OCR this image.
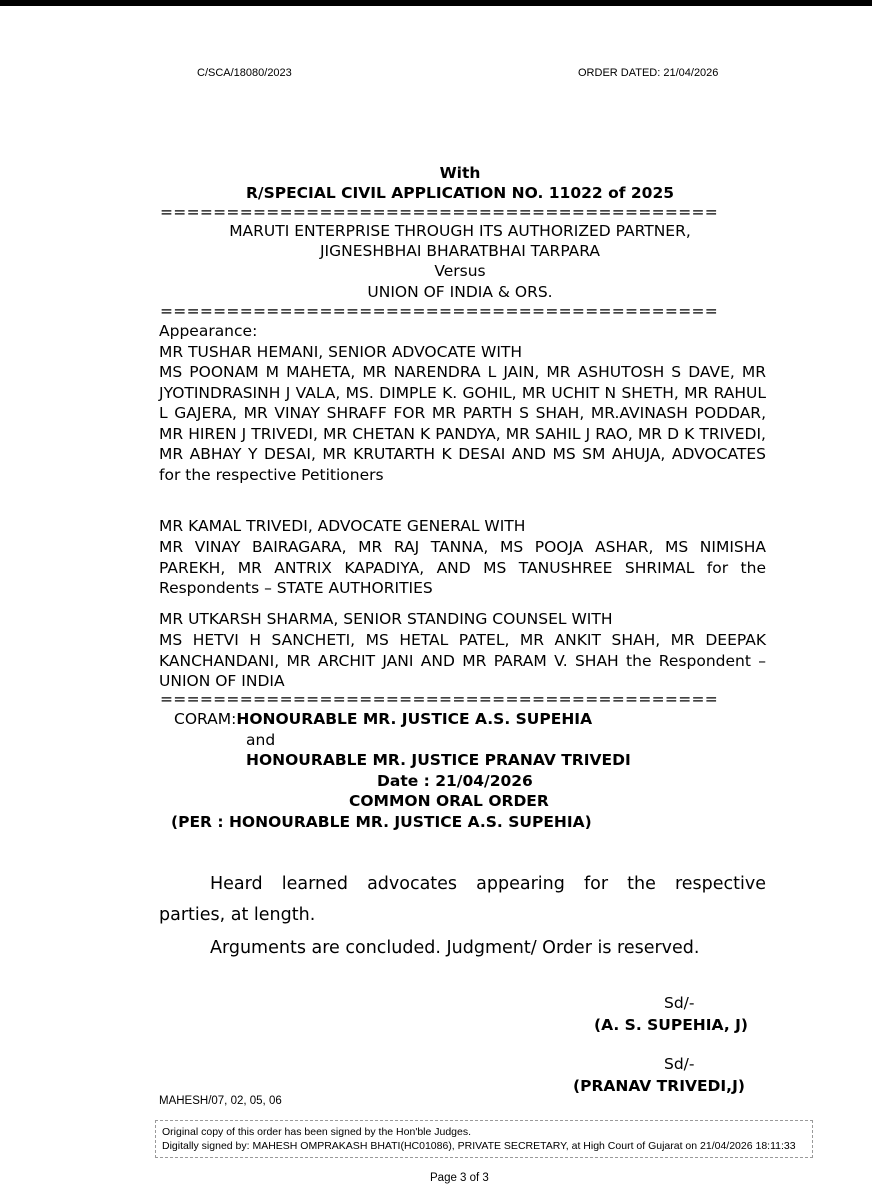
C/SCA/18080/2023	ORDER DATED: 21/04/2026
With
R/SPECIAL CIVIL APPLICATION NO. 11022 of 2025
==========================================
MARUTI ENTERPRISE THROUGH ITS AUTHORIZED PARTNER,
JIGNESHBHAI BHARATBHAI TARPARA
Versus
UNION OF INDIA & ORS.
==========================================
Appearance:
MR TUSHAR HEMANI, SENIOR ADVOCATE WITH
MS POONAM M MAHETA, MR NARENDRA L JAIN, MR ASHUTOSH S DAVE, MR JYOTINDRASINH J VALA, MS. DIMPLE K. GOHIL, MR UCHIT N SHETH, MR RAHUL L GAJERA, MR VINAY SHRAFF FOR MR PARTH S SHAH, MR.AVINASH PODDAR, MR HIREN J TRIVEDI, MR CHETAN K PANDYA, MR SAHIL J RAO, MR D K TRIVEDI, MR ABHAY Y DESAI, MR KRUTARTH K DESAI AND MS SM AHUJA, ADVOCATES for the respective Petitioners
MR KAMAL TRIVEDI, ADVOCATE GENERAL WITH
MR VINAY BAIRAGARA, MR RAJ TANNA, MS POOJA ASHAR, MS NIMISHA PAREKH, MR ANTRIX KAPADIYA, AND MS TANUSHREE SHRIMAL for the Respondents – STATE AUTHORITIES
MR UTKARSH SHARMA, SENIOR STANDING COUNSEL WITH
MS HETVI H SANCHETI, MS HETAL PATEL, MR ANKIT SHAH, MR DEEPAK KANCHANDANI, MR ARCHIT JANI AND MR PARAM V. SHAH the Respondent – UNION OF INDIA
==========================================
CORAM:HONOURABLE MR. JUSTICE A.S. SUPEHIA
and
HONOURABLE MR. JUSTICE PRANAV TRIVEDI
Date : 21/04/2026
COMMON ORAL ORDER
(PER : HONOURABLE MR. JUSTICE A.S. SUPEHIA)
Heard learned advocates appearing for the respective
parties, at length.
Arguments are concluded. Judgment/ Order is reserved.
Sd/-
(A. S. SUPEHIA, J)
Sd/-
(PRANAV TRIVEDI,J)
MAHESH/07, 02, 05, 06
Original copy of this order has been signed by the Hon'ble Judges.
Digitally signed by: MAHESH OMPRAKASH BHATI(HC01086), PRIVATE SECRETARY, at High Court of Gujarat on 21/04/2026 18:11:33
Page 3 of 3
